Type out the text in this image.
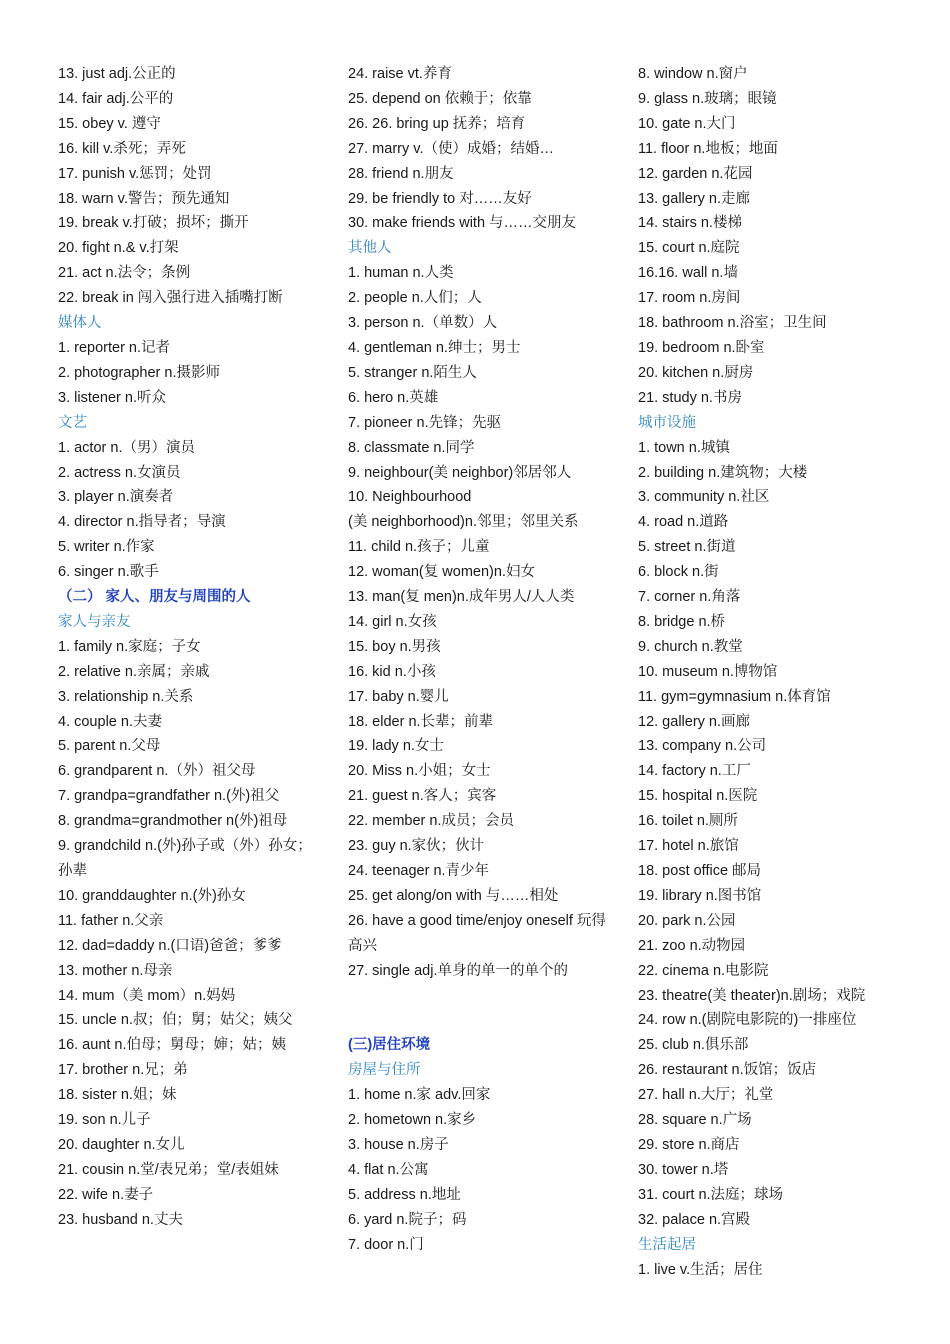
13. just adj.公正的
14. fair adj.公平的
15. obey v. 遵守
16. kill v.杀死；弄死
17. punish v.惩罚；处罚
18. warn v.警告；预先通知
19. break v.打破；损坏；撕开
20. fight n.& v.打架
21. act n.法令；条例
22. break in 闯入强行进入插嘴打断
媒体人
1. reporter n.记者
2. photographer n.摄影师
3. listener n.听众
文艺
1. actor n.（男）演员
2. actress n.女演员
3. player n.演奏者
4. director n.指导者；导演
5. writer n.作家
6. singer n.歌手
（二） 家人、朋友与周围的人
家人与亲友
1. family n.家庭；子女
2. relative n.亲属；亲戚
3. relationship n.关系
4. couple n.夫妻
5. parent n.父母
6. grandparent n.（外）祖父母
7. grandpa=grandfather n.(外)祖父
8. grandma=grandmother n(外)祖母
9. grandchild n.(外)孙子或（外）孙女；孙辈
10. granddaughter n.(外)孙女
11. father n.父亲
12. dad=daddy n.(口语)爸爸；爹爹
13. mother n.母亲
14. mum（美 mom）n.妈妈
15. uncle n.叔；伯；舅；姑父；姨父
16. aunt n.伯母；舅母；婶；姑；姨
17. brother n.兄；弟
18. sister n.姐；妹
19. son n.儿子
20. daughter n.女儿
21. cousin n.堂/表兄弟；堂/表姐妹
22. wife n.妻子
23. husband n.丈夫
24. raise vt.养育
25. depend on 依赖于；依靠
26. 26. bring up 抚养；培育
27. marry v.（使）成婚；结婚…
28. friend n.朋友
29. be friendly to 对……友好
30. make friends with 与……交朋友
其他人
1. human n.人类
2. people n.人们；人
3. person n.（单数）人
4. gentleman n.绅士；男士
5. stranger n.陌生人
6. hero n.英雄
7. pioneer n.先锋；先驱
8. classmate n.同学
9. neighbour(美 neighbor)邻居邻人
10. Neighbourhood
(美 neighborhood)n.邻里；邻里关系
11. child n.孩子；儿童
12. woman(复 women)n.妇女
13. man(复 men)n.成年男人/人人类
14. girl n.女孩
15. boy n.男孩
16. kid n.小孩
17. baby n.婴儿
18. elder n.长辈；前辈
19. lady n.女士
20. Miss n.小姐；女士
21. guest n.客人；宾客
22. member n.成员；会员
23. guy n.家伙；伙计
24. teenager n.青少年
25. get along/on with 与……相处
26. have a good time/enjoy oneself 玩得高兴
27. single adj.单身的单一的单个的
(三)居住环境
房屋与住所
1. home n.家 adv.回家
2. hometown n.家乡
3. house n.房子
4. flat n.公寓
5. address n.地址
6. yard n.院子；码
7. door n.门
8. window n.窗户
9. glass n.玻璃；眼镜
10. gate n.大门
11. floor n.地板；地面
12. garden n.花园
13. gallery n.走廊
14. stairs n.楼梯
15. court n.庭院
16.16. wall n.墙
17. room n.房间
18. bathroom n.浴室；卫生间
19. bedroom n.卧室
20. kitchen n.厨房
21. study n.书房
城市设施
1. town n.城镇
2. building n.建筑物；大楼
3. community n.社区
4. road n.道路
5. street n.街道
6. block n.街
7. corner n.角落
8. bridge n.桥
9. church n.教堂
10. museum n.博物馆
11. gym=gymnasium n.体育馆
12. gallery n.画廊
13. company n.公司
14. factory n.工厂
15. hospital n.医院
16. toilet n.厕所
17. hotel n.旅馆
18. post office 邮局
19. library n.图书馆
20. park n.公园
21. zoo n.动物园
22. cinema n.电影院
23. theatre(美 theater)n.剧场；戏院
24. row n.(剧院电影院的)一排座位
25. club n.俱乐部
26. restaurant n.饭馆；饭店
27. hall n.大厅；礼堂
28. square n.广场
29. store n.商店
30. tower n.塔
31. court n.法庭；球场
32. palace n.宫殿
生活起居
1. live v.生活；居住
